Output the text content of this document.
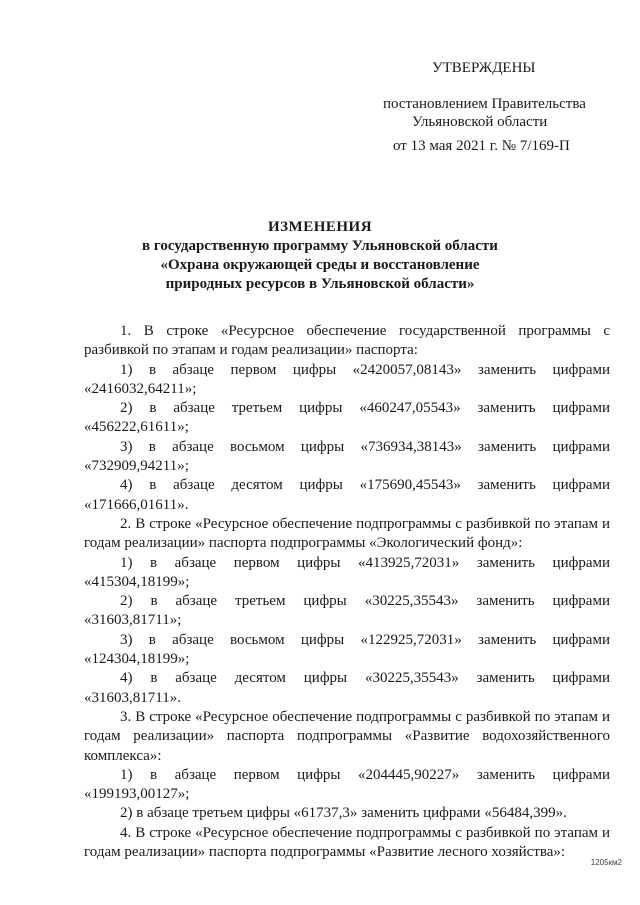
УТВЕРЖДЕНЫ
постановлением Правительства
Ульяновской области
от 13 мая 2021 г. № 7/169-П
ИЗМЕНЕНИЯ
в государственную программу Ульяновской области
«Охрана окружающей среды и восстановление
природных ресурсов в Ульяновской области»

1. В строке «Ресурсное обеспечение государственной программы с разбивкой по этапам и годам реализации» паспорта:

1) в абзаце первом цифры «2420057,08143» заменить цифрами «2416032,64211»;

2) в абзаце третьем цифры «460247,05543» заменить цифрами «456222,61611»;

3) в абзаце восьмом цифры «736934,38143» заменить цифрами «732909,94211»;

4) в абзаце десятом цифры «175690,45543» заменить цифрами «171666,01611».

2. В строке «Ресурсное обеспечение подпрограммы с разбивкой по этапам и годам реализации» паспорта подпрограммы «Экологический фонд»:

1) в абзаце первом цифры «413925,72031» заменить цифрами «415304,18199»;

2) в абзаце третьем цифры «30225,35543» заменить цифрами «31603,81711»;

3) в абзаце восьмом цифры «122925,72031» заменить цифрами «124304,18199»;

4) в абзаце десятом цифры «30225,35543» заменить цифрами «31603,81711».

3. В строке «Ресурсное обеспечение подпрограммы с разбивкой по этапам и годам реализации» паспорта подпрограммы «Развитие водохозяйственного комплекса»:

1) в абзаце первом цифры «204445,90227» заменить цифрами «199193,00127»;

2) в абзаце третьем цифры «61737,3» заменить цифрами «56484,399».

4. В строке «Ресурсное обеспечение подпрограммы с разбивкой по этапам и годам реализации» паспорта подпрограммы «Развитие лесного хозяйства»:

1205км2
